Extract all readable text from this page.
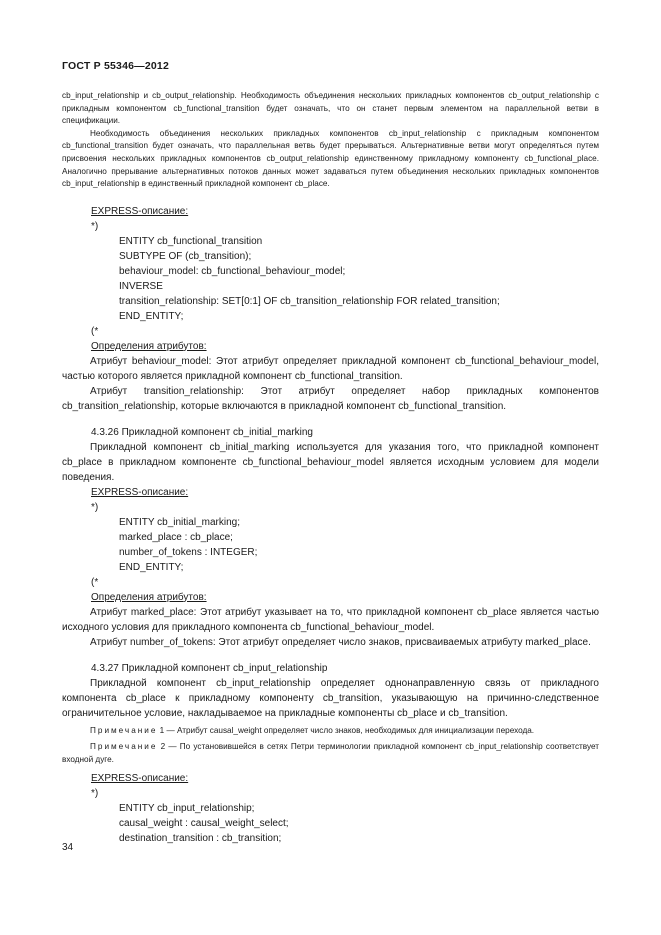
ГОСТ Р 55346—2012

cb_input_relationship и cb_output_relationship. Необходимость объединения нескольких прикладных компонентов cb_output_relationship с прикладным компонентом cb_functional_transition будет означать, что он станет первым элементом на параллельной ветви в спецификации.

Необходимость объединения нескольких прикладных компонентов cb_input_relationship с прикладным компонентом cb_functional_transition будет означать, что параллельная ветвь будет прерываться. Альтернативные ветви могут определяться путем присвоения нескольких прикладных компонентов cb_output_relationship единственному прикладному компоненту cb_functional_place. Аналогично прерывание альтернативных потоков данных может задаваться путем объединения нескольких прикладных компонентов cb_input_relationship в единственный прикладной компонент cb_place.

EXPRESS-описание:
*)
ENTITY cb_functional_transition
SUBTYPE OF (cb_transition);
behaviour_model: cb_functional_behaviour_model;
INVERSE
transition_relationship: SET[0:1] OF cb_transition_relationship FOR related_transition;
END_ENTITY;
(*
Определения атрибутов:

Атрибут behaviour_model: Этот атрибут определяет прикладной компонент cb_functional_behaviour_model, частью которого является прикладной компонент cb_functional_transition.

Атрибут transition_relationship: Этот атрибут определяет набор прикладных компонентов cb_transition_relationship, которые включаются в прикладной компонент cb_functional_transition.

4.3.26 Прикладной компонент cb_initial_marking

Прикладной компонент cb_initial_marking используется для указания того, что прикладной компонент cb_place в прикладном компоненте cb_functional_behaviour_model является исходным условием для модели поведения.

EXPRESS-описание:
*)
ENTITY cb_initial_marking;
marked_place : cb_place;
number_of_tokens : INTEGER;
END_ENTITY;
(*
Определения атрибутов:

Атрибут marked_place: Этот атрибут указывает на то, что прикладной компонент cb_place является частью исходного условия для прикладного компонента cb_functional_behaviour_model.

Атрибут number_of_tokens: Этот атрибут определяет число знаков, присваиваемых атрибуту marked_place.

4.3.27 Прикладной компонент cb_input_relationship

Прикладной компонент cb_input_relationship определяет однонаправленную связь от прикладного компонента cb_place к прикладному компоненту cb_transition, указывающую на причинно-следственное ограничительное условие, накладываемое на прикладные компоненты cb_place и cb_transition.

Примечание 1 — Атрибут causal_weight определяет число знаков, необходимых для инициализации перехода.

Примечание 2 — По установившейся в сетях Петри терминологии прикладной компонент cb_input_relationship соответствует входной дуге.

EXPRESS-описание:
*)
ENTITY cb_input_relationship;
causal_weight : causal_weight_select;
destination_transition : cb_transition;
34
